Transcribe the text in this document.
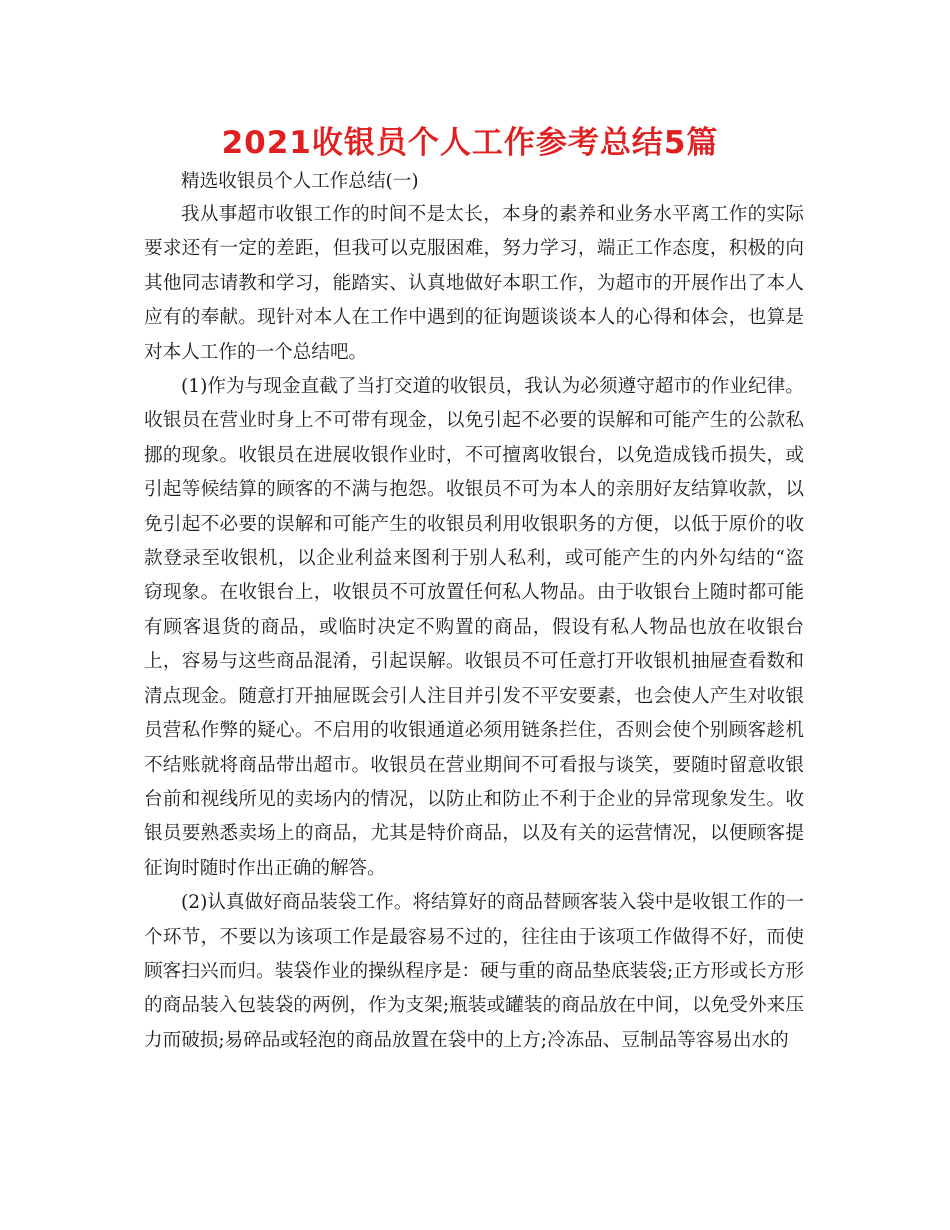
2021收银员个人工作参考总结5篇

精选收银员个人工作总结(一)

我从事超市收银工作的时间不是太长，本身的素养和业务水平离工作的实际要求还有一定的差距，但我可以克服困难，努力学习，端正工作态度，积极的向其他同志请教和学习，能踏实、认真地做好本职工作，为超市的开展作出了本人应有的奉献。现针对本人在工作中遇到的征询题谈谈本人的心得和体会，也算是对本人工作的一个总结吧。

(1)作为与现金直截了当打交道的收银员，我认为必须遵守超市的作业纪律。收银员在营业时身上不可带有现金，以免引起不必要的误解和可能产生的公款私挪的现象。收银员在进展收银作业时，不可擅离收银台，以免造成钱币损失，或引起等候结算的顾客的不满与抱怨。收银员不可为本人的亲朋好友结算收款，以免引起不必要的误解和可能产生的收银员利用收银职务的方便，以低于原价的收款登录至收银机，以企业利益来图利于别人私利，或可能产生的内外勾结的“盗窃现象。在收银台上，收银员不可放置任何私人物品。由于收银台上随时都可能有顾客退货的商品，或临时决定不购置的商品，假设有私人物品也放在收银台上，容易与这些商品混淆，引起误解。收银员不可任意打开收银机抽屉查看数和清点现金。随意打开抽屉既会引人注目并引发不平安要素，也会使人产生对收银员营私作弊的疑心。不启用的收银通道必须用链条拦住，否则会使个别顾客趁机不结账就将商品带出超市。收银员在营业期间不可看报与谈笑，要随时留意收银台前和视线所见的卖场内的情况，以防止和防止不利于企业的异常现象发生。收银员要熟悉卖场上的商品，尤其是特价商品，以及有关的运营情况，以便顾客提征询时随时作出正确的解答。

(2)认真做好商品装袋工作。将结算好的商品替顾客装入袋中是收银工作的一个环节，不要以为该项工作是最容易不过的，往往由于该项工作做得不好，而使顾客扫兴而归。装袋作业的操纵程序是：硬与重的商品垫底装袋;正方形或长方形的商品装入包装袋的两例，作为支架;瓶装或罐装的商品放在中间，以免受外来压力而破损;易碎品或轻泡的商品放置在袋中的上方;冷冻品、豆制品等容易出水的
